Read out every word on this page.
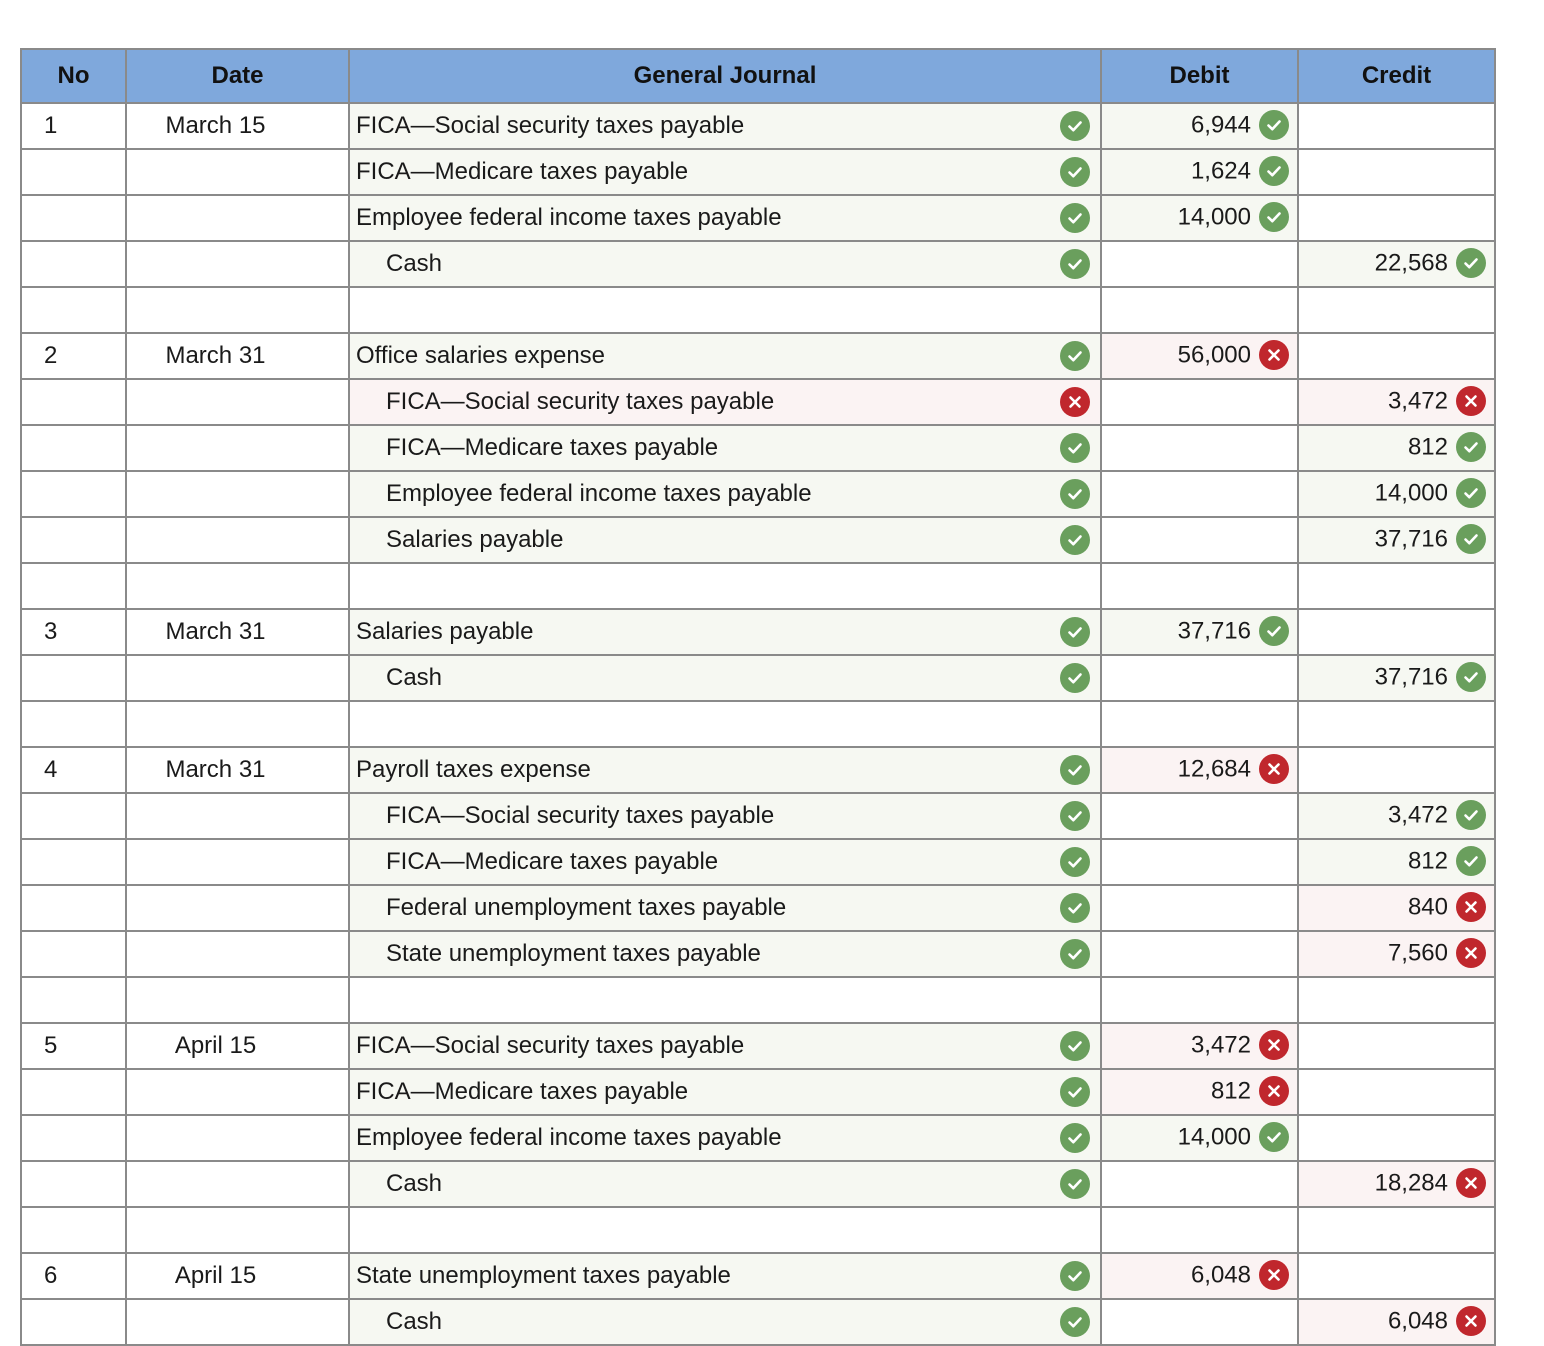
No	Date	General Journal	Debit	Credit
1	March 15	FICA—Social security taxes payable	6,944

		FICA—Medicare taxes payable	1,624

		Employee federal income taxes payable	14,000

		Cash		22,568

2	March 31	Office salaries expense	56,000

		FICA—Social security taxes payable		3,472

		FICA—Medicare taxes payable		812

		Employee federal income taxes payable		14,000

		Salaries payable		37,716

3	March 31	Salaries payable	37,716

		Cash		37,716

4	March 31	Payroll taxes expense	12,684

		FICA—Social security taxes payable		3,472

		FICA—Medicare taxes payable		812

		Federal unemployment taxes payable		840

		State unemployment taxes payable		7,560

5	April 15	FICA—Social security taxes payable	3,472

		FICA—Medicare taxes payable	812

		Employee federal income taxes payable	14,000

		Cash		18,284

6	April 15	State unemployment taxes payable	6,048

		Cash		6,048
